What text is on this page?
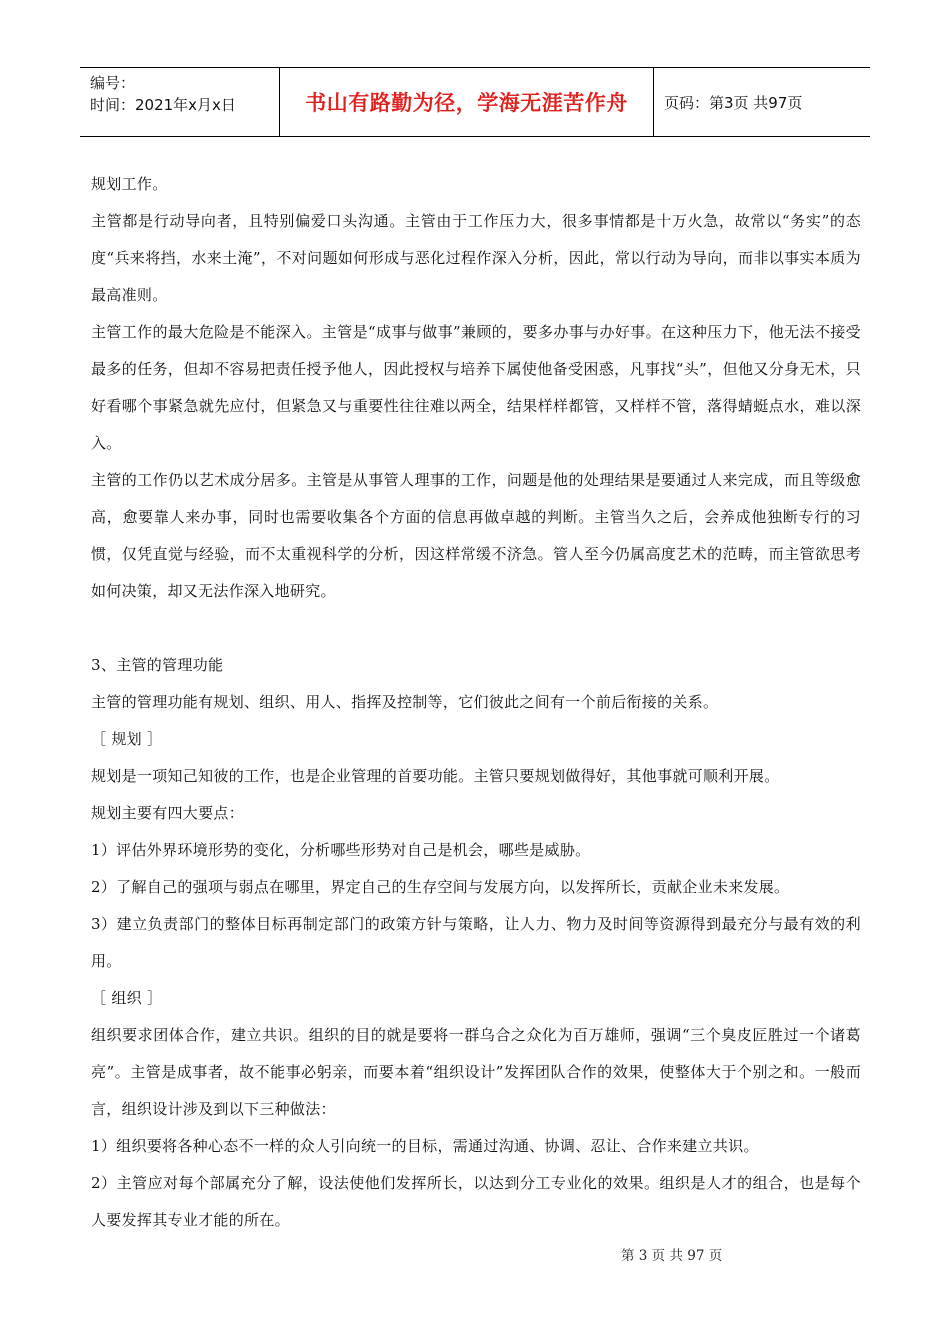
编号：
时间：2021年x月x日	书山有路勤为径，学海无涯苦作舟	页码：第3页 共97页

规划工作。

主管都是行动导向者，且特别偏爱口头沟通。主管由于工作压力大，很多事情都是十万火急，故常以“务实”的态度“兵来将挡，水来土淹”，不对问题如何形成与恶化过程作深入分析，因此，常以行动为导向，而非以事实本质为最高准则。

主管工作的最大危险是不能深入。主管是“成事与做事”兼顾的，要多办事与办好事。在这种压力下，他无法不接受最多的任务，但却不容易把责任授予他人，因此授权与培养下属使他备受困惑，凡事找“头”，但他又分身无术，只好看哪个事紧急就先应付，但紧急又与重要性往往难以两全，结果样样都管，又样样不管，落得蜻蜓点水，难以深入。

主管的工作仍以艺术成分居多。主管是从事管人理事的工作，问题是他的处理结果是要通过人来完成，而且等级愈高，愈要靠人来办事，同时也需要收集各个方面的信息再做卓越的判断。主管当久之后，会养成他独断专行的习惯，仅凭直觉与经验，而不太重视科学的分析，因这样常缓不济急。管人至今仍属高度艺术的范畴，而主管欲思考如何决策，却又无法作深入地研究。

3、主管的管理功能

主管的管理功能有规划、组织、用人、指挥及控制等，它们彼此之间有一个前后衔接的关系。

［ 规划 ］

规划是一项知己知彼的工作，也是企业管理的首要功能。主管只要规划做得好，其他事就可顺利开展。

规划主要有四大要点：

1）评估外界环境形势的变化，分析哪些形势对自己是机会，哪些是威胁。

2）了解自己的强项与弱点在哪里，界定自己的生存空间与发展方向，以发挥所长，贡献企业未来发展。

3）建立负责部门的整体目标再制定部门的政策方针与策略，让人力、物力及时间等资源得到最充分与最有效的利用。

［ 组织 ］

组织要求团体合作，建立共识。组织的目的就是要将一群乌合之众化为百万雄师，强调“三个臭皮匠胜过一个诸葛亮”。主管是成事者，故不能事必躬亲，而要本着“组织设计”发挥团队合作的效果，使整体大于个别之和。一般而言，组织设计涉及到以下三种做法：

1）组织要将各种心态不一样的众人引向统一的目标，需通过沟通、协调、忍让、合作来建立共识。

2）主管应对每个部属充分了解，设法使他们发挥所长，以达到分工专业化的效果。组织是人才的组合，也是每个人要发挥其专业才能的所在。

第 3 页 共 97 页
